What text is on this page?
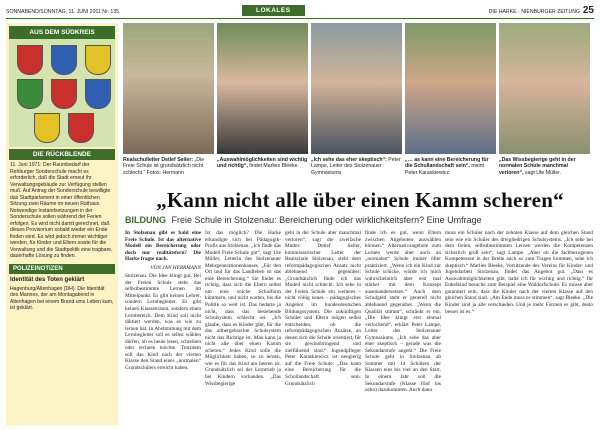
SONNABEND/SONNTAG, 11. JUNI 2011 Nr. 135	LOKALES	DIE HARKE · NIENBURGER ZEITUNG 25
AUS DEM SÜDKREIS
DIE RÜCKBLENDE
11. Juni 1971: Der Raumbedarf der Rehburger Sonderschule macht es erforderlich, daß die Stadt erneut ihr Verwaltungsgebäude zur Verfügung stellen muß. Auf Antrag der Sonderschule bewilligte das Stadtparlament in einer öffentlichen Sitzung zwei Räume im neuen Rathaus. Notwendige Instandsetzungen in der Sonderschule sollen während der Ferien erfolgen. Es wird nicht damit gerechnet, daß dieses Provisorium sobald wieder ein Ende finden wird. Es wird jedoch immer wichtiger werden, für Kinder und Eltern sowie für die Verwaltung und die Stadtpolitik eine tragbare, dauerhafte Lösung zu finden.
POLIZEINOTIZEN
Identität des Toten geklärt
Hagenburg/Altenhagen (DH). Die Identität des Mannes, der am Montagabend in Altenhagen bei einem Brand ums Leben kam, ist geklärt.
Realschulleiter Detlef Seiler: „Die Freie Schule ist grundsätzlich nicht schlecht.“ Fotos: Hermann
„Auswahlmöglichkeiten sind wichtig und richtig“, findet Marlies Bleeke.
„Ich sehe das eher skeptisch“: Peter Lampe, Leiter des Stolzenauer Gymnasiums.
„… as kann eine Bereicherung für die Schullandschaft sein“, meint Peter Karaskiewicz.
„Das Wissbegierige geht in der normalen Schule manchmal verloren“, sagt Ute Müller.
„Kann nicht alle über einen Kamm scheren“
BILDUNG Freie Schule in Stolzenau: Bereicherung oder wirklichkeitsfern? Eine Umfrage
In Stolzenau gibt es bald eine Freie Schule. Ist das alternative Modell ein Bereicherung oder doch nur realitätsfern? Die Harke fragte nach.
VON JAN HERRMANN
Stolzenau. Die Idee klingt gut. Bei der Freien Schule steht das selbstbestimmte Lernen im Mittelpunkt. Es gibt keinen Lehrer, sondern Lernbegleiter. Es gibt keinen Klassenraum, sondern einen Lernbereich. Dem Kind soll nicht diktiert werden, was es wie zu lernen hat. In Abstimmung mit dem Lernbegleiter soll es selbst wählen dürfen, ob es heute lesen, schreiben oder rechnen möchte. Trotzdem soll das Kind nach der vierten Klasse den Stand eines „normalen“ Grundschülers erreicht haben.
Ist das möglich? Die Harke erkundigte sich bei Pädagogik-Profis aus Stolzenau. „Ich finde das Modell Freie Schule gut“, sagt Ute Müller, Leiterin des Stolzenauer Mehrgenerationenhauses. „Für den Ort und für das Landleben ist das eine Bereicherung.“ Sie findet es richtig, dass sich die Eltern selbst um eine solche Schulform kümmern, und nicht warten, bis die Politik so weit ist. Das bedarte ja nicht, dass das bestehende Schulsystem schlecht sei. „Ich glaube, dass es Kinder gibt, für die das althergebrachte Schulsystem nicht das Richtige ist. Man kann ja nicht alle über einen Kamm scheren.“ Jedes Kind solle die Möglichkeit haben, so zu lernen, wie es für das Kind am besten ist. Grundsätzlich sei der Lerntrieb ja bei Kindern vorhanden. „Das Wissbegierige
geht in der Schule aber manchmal verloren“, sagt die zweifache Mutter. Detlef Seiler, kommissarischer Leiter der Realschule Stolzenau, steht dem reformpädagogischen Ansatz nicht ablehnend gegenüber: „Grundsätzlich finde ich das Modell nicht schlecht. Ich sehe in der Freien Schule ein weiteres – nicht völlig neues – pädagogisches Angebot im bundesdeutschen Bildungssystem. Die zukünftigen Schüler und Eltern mögen selbst entscheiden, ob die reformpädagogischen Ansätze, an denen sich die Schule orientiert, für sie gewinnbringend und zielführend sind.“ Jugendpfleger Peter Karaskiewicz ist neugierig auf die Freie Schule: „Das kann eine Bereicherung für die Schullandschaft sein. Grundsätzlich
finde ich es gut, wenn Eltern zwischen Angeboten auswählen können.“ Alternativangebote zum Lernen werde aber auch an „normalen“ Schule immer öfter praktiziert. „Wenn ich ein Kind zur Schule schicke, würde ich mich wahrscheinlich aber erst mal stärker mit dem Konzept auseinandersetzen.“ Auch dem Schulgeld steht er generell nicht ablehnend gegenüber. „Wenn die Qualität stimmt“, schränkt er ein. „Die Idee klingt erst einmal verlockend“, erklärt Peter Lampe, Leiter des Stolzenauer Gymnasiums. „Ich sehe das aber eher skeptisch – gerade was die Sekundarstufe angeht.“ Die Freie Schule geht in Stolzenau ab Sommer mit 14 Schülern der Klassen eins bis vier an den Start. In einem Jahr soll die Sekundarstufe (Klasse fünf bis zehn) dazukommen. Auch dann
muss ein Schüler nach der zehnten Klasse auf dem gleichen Stand sein wie ein Schüler des dreigliedrigen Schulsystems. „Ich sehe bei dem freien, selbstbestimmten Lernen werden die Kompetenzen sicherlich groß sein“, sagt Lampe. „Aber ob die fachbezogenen Kompetenzen in der Breite auch so zum Tragen kommen, sehe ich skeptisch.“ Marlies Bleeke, Vorsitzende des Vereins für Kinder- und Jugendarbeit Stolzenau, findet das Angebot gut. „Dass es Auswahlmöglichkeiten gibt, halte ich für wichtig und richtig.“ Ihr Enkelkind besuche zum Beispiel eine Waldorfschule. Es müsse aber garantiert sein, dass die Kinder nach der vierten Klasse auf den gleichen Stand sind. „Am Ende muss es stimmen“, sagt Bleeke. „Die Kinder sind ja alle verschieden. Und je mehr Formen es gibt, desto besser ist es.“
